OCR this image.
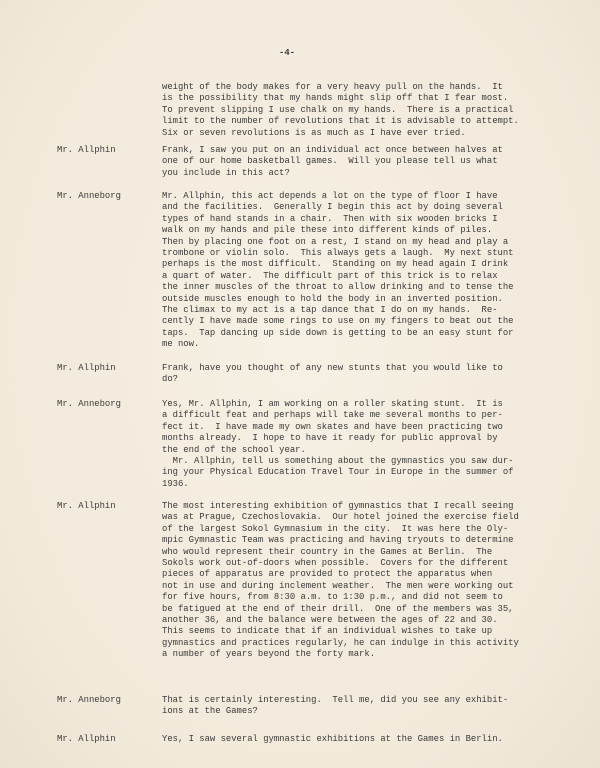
-4-
weight of the body makes for a very heavy pull on the hands.  It
is the possibility that my hands might slip off that I fear most.
To prevent slipping I use chalk on my hands.  There is a practical
limit to the number of revolutions that it is advisable to attempt.
Six or seven revolutions is as much as I have ever tried.
Mr. Allphin	Frank, I saw you put on an individual act once between halves at
one of our home basketball games.  Will you please tell us what
you include in this act?
Mr. Anneborg	Mr. Allphin, this act depends a lot on the type of floor I have
and the facilities.  Generally I begin this act by doing several
types of hand stands in a chair.  Then with six wooden bricks I
walk on my hands and pile these into different kinds of piles.
Then by placing one foot on a rest, I stand on my head and play a
trombone or violin solo.  This always gets a laugh.  My next stunt
perhaps is the most difficult.  Standing on my head again I drink
a quart of water.  The difficult part of this trick is to relax
the inner muscles of the throat to allow drinking and to tense the
outside muscles enough to hold the body in an inverted position.
The climax to my act is a tap dance that I do on my hands.  Re-
cently I have made some rings to use on my fingers to beat out the
taps.  Tap dancing up side down is getting to be an easy stunt for
me now.
Mr. Allphin	Frank, have you thought of any new stunts that you would like to
do?
Mr. Anneborg	Yes, Mr. Allphin, I am working on a roller skating stunt.  It is
a difficult feat and perhaps will take me several months to per-
fect it.  I have made my own skates and have been practicing two
months already.  I hope to have it ready for public approval by
the end of the school year.
Mr. Allphin, tell us something about the gymnastics you saw dur-
ing your Physical Education Travel Tour in Europe in the summer of
1936.
Mr. Allphin	The most interesting exhibition of gymnastics that I recall seeing
was at Prague, Czechoslovakia.  Our hotel joined the exercise field
of the largest Sokol Gymnasium in the city.  It was here the Oly-
mpic Gymnastic Team was practicing and having tryouts to determine
who would represent their country in the Games at Berlin.  The
Sokols work out-of-doors when possible.  Covers for the different
pieces of apparatus are provided to protect the apparatus when
not in use and during inclement weather.  The men were working out
for five hours, from 8:30 a.m. to 1:30 p.m., and did not seem to
be fatigued at the end of their drill.  One of the members was 35,
another 36, and the balance were between the ages of 22 and 30.
This seems to indicate that if an individual wishes to take up
gymnastics and practices regularly, he can indulge in this activity
a number of years beyond the forty mark.
Mr. Anneborg	That is certainly interesting.  Tell me, did you see any exhibit-
ions at the Games?
Mr. Allphin	Yes, I saw several gymnastic exhibitions at the Games in Berlin.
